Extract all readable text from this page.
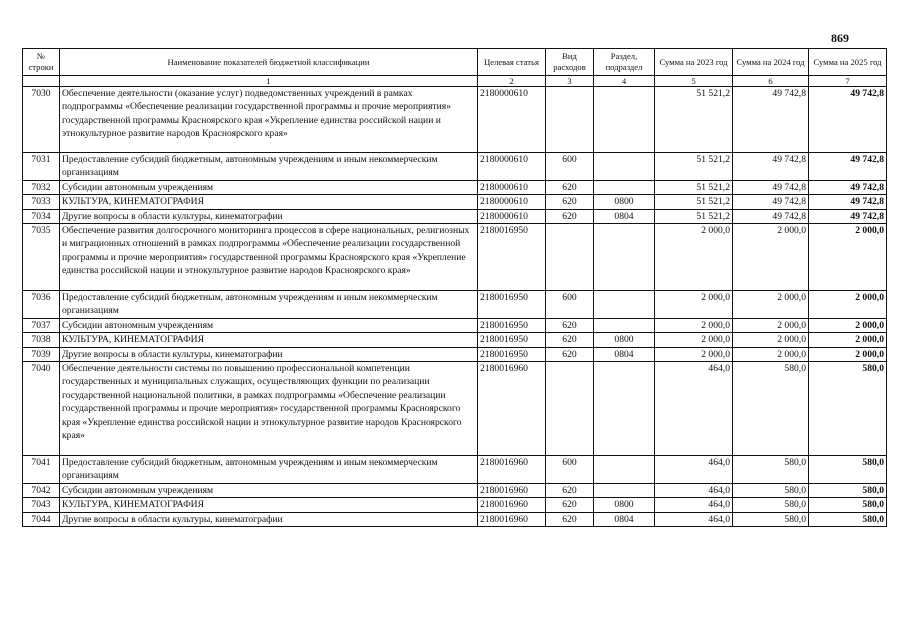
869
№ строки	Наименование показателей бюджетной классификации	Целевая статья	Вид расходов	Раздел, подраздел	Сумма на 2023 год	Сумма на 2024 год	Сумма на 2025 год
	1	2	3	4	5	6	7
7030	Обеспечение деятельности (оказание услуг) подведомственных учреждений в рамках подпрограммы «Обеспечение реализации государственной программы и прочие мероприятия» государственной программы Красноярского края «Укрепление единства российской нации и этнокультурное развитие народов Красноярского края»	2180000610			51 521,2	49 742,8	49 742,8
7031	Предоставление субсидий бюджетным, автономным учреждениям и иным некоммерческим организациям	2180000610	600		51 521,2	49 742,8	49 742,8
7032	Субсидии автономным учреждениям	2180000610	620		51 521,2	49 742,8	49 742,8
7033	КУЛЬТУРА, КИНЕМАТОГРАФИЯ	2180000610	620	0800	51 521,2	49 742,8	49 742,8
7034	Другие вопросы в области культуры, кинематографии	2180000610	620	0804	51 521,2	49 742,8	49 742,8
7035	Обеспечение развития долгосрочного мониторинга процессов в сфере национальных, религиозных и миграционных отношений в рамках подпрограммы «Обеспечение реализации государственной программы и прочие мероприятия» государственной программы Красноярского края «Укрепление единства российской нации и этнокультурное развитие народов Красноярского края»	2180016950			2 000,0	2 000,0	2 000,0
7036	Предоставление субсидий бюджетным, автономным учреждениям и иным некоммерческим организациям	2180016950	600		2 000,0	2 000,0	2 000,0
7037	Субсидии автономным учреждениям	2180016950	620		2 000,0	2 000,0	2 000,0
7038	КУЛЬТУРА, КИНЕМАТОГРАФИЯ	2180016950	620	0800	2 000,0	2 000,0	2 000,0
7039	Другие вопросы в области культуры, кинематографии	2180016950	620	0804	2 000,0	2 000,0	2 000,0
7040	Обеспечение деятельности системы по повышению профессиональной компетенции государственных и муниципальных служащих, осуществляющих функции по реализации государственной национальной политики, в рамках подпрограммы «Обеспечение реализации государственной программы и прочие мероприятия» государственной программы Красноярского края «Укрепление единства российской нации и этнокультурное развитие народов Красноярского края»	2180016960			464,0	580,0	580,0
7041	Предоставление субсидий бюджетным, автономным учреждениям и иным некоммерческим организациям	2180016960	600		464,0	580,0	580,0
7042	Субсидии автономным учреждениям	2180016960	620		464,0	580,0	580,0
7043	КУЛЬТУРА, КИНЕМАТОГРАФИЯ	2180016960	620	0800	464,0	580,0	580,0
7044	Другие вопросы в области культуры, кинематографии	2180016960	620	0804	464,0	580,0	580,0
